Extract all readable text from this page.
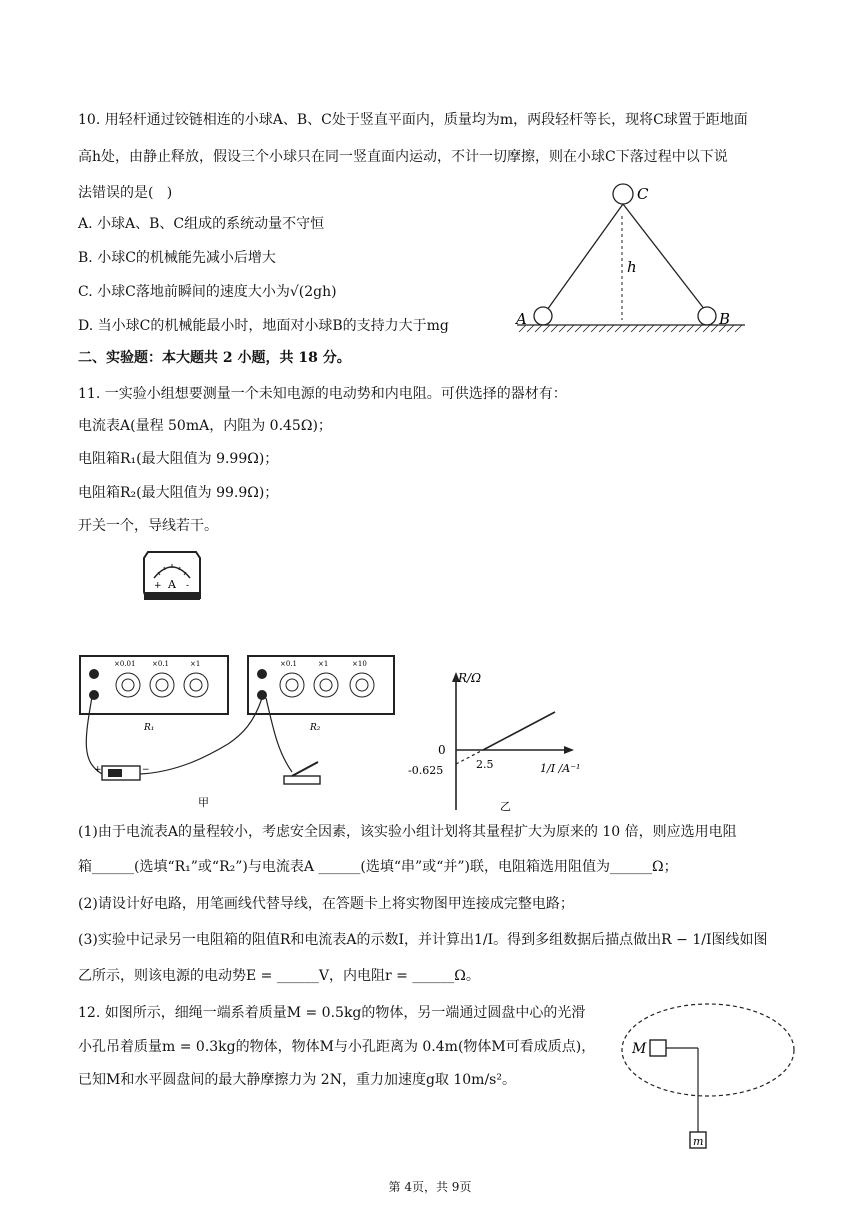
10. 用轻杆通过铰链相连的小球A、B、C处于竖直平面内，质量均为m，两段轻杆等长，现将C球置于距地面
高h处，由静止释放，假设三个小球只在同一竖直面内运动，不计一切摩擦，则在小球C下落过程中以下说
法错误的是(   )
A. 小球A、B、C组成的系统动量不守恒
B. 小球C的机械能先减小后增大
C. 小球C落地前瞬间的速度大小为√(2gh)
D. 当小球C的机械能最小时，地面对小球B的支持力大于mg
C
A	B
h
二、实验题：本大题共 2 小题，共 18 分。
11. 一实验小组想要测量一个未知电源的电动势和内电阻。可供选择的器材有：
电流表A(量程 50mA，内阻为 0.45Ω)；
电阻箱R₁(最大阻值为 9.99Ω)；
电阻箱R₂(最大阻值为 99.9Ω)；
开关一个，导线若干。
A
+	-
×0.01 ×0.1	×1
R₁
×0.1	×1	×10
R₂
+	−
甲
R/Ω
0
-0.625	2.5	1/I /A⁻¹
乙
(1)由于电流表A的量程较小，考虑安全因素，该实验小组计划将其量程扩大为原来的 10 倍，则应选用电阻
箱______(选填“R₁”或“R₂”)与电流表A ______(选填“串”或“并”)联，电阻箱选用阻值为______Ω；
(2)请设计好电路，用笔画线代替导线，在答题卡上将实物图甲连接成完整电路；
(3)实验中记录另一电阻箱的阻值R和电流表A的示数I，并计算出1/I。得到多组数据后描点做出R − 1/I图线如图
乙所示，则该电源的电动势E = ______V，内电阻r = ______Ω。
12. 如图所示，细绳一端系着质量M = 0.5kg的物体，另一端通过圆盘中心的光滑
小孔吊着质量m = 0.3kg的物体，物体M与小孔距离为 0.4m(物体M可看成质点)，
已知M和水平圆盘间的最大静摩擦力为 2N，重力加速度g取 10m/s²。
M
m
第 4页，共 9页
